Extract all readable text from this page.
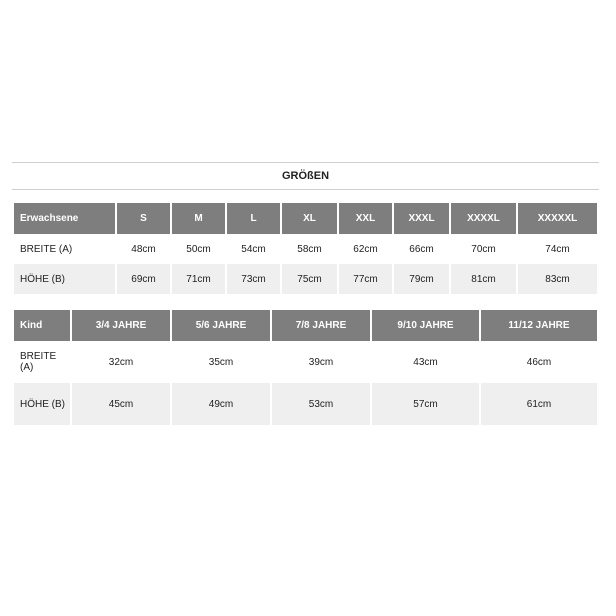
GRÖßEN
Erwachsene	S	M	L	XL	XXL	XXXL	XXXXL	XXXXXL
BREITE (A)	48cm	50cm	54cm	58cm	62cm	66cm	70cm	74cm
HÖHE (B)	69cm	71cm	73cm	75cm	77cm	79cm	81cm	83cm
Kind	3/4 JAHRE	5/6 JAHRE	7/8 JAHRE	9/10 JAHRE	11/12 JAHRE
BREITE (A)	32cm	35cm	39cm	43cm	46cm
HÖHE (B)	45cm	49cm	53cm	57cm	61cm
